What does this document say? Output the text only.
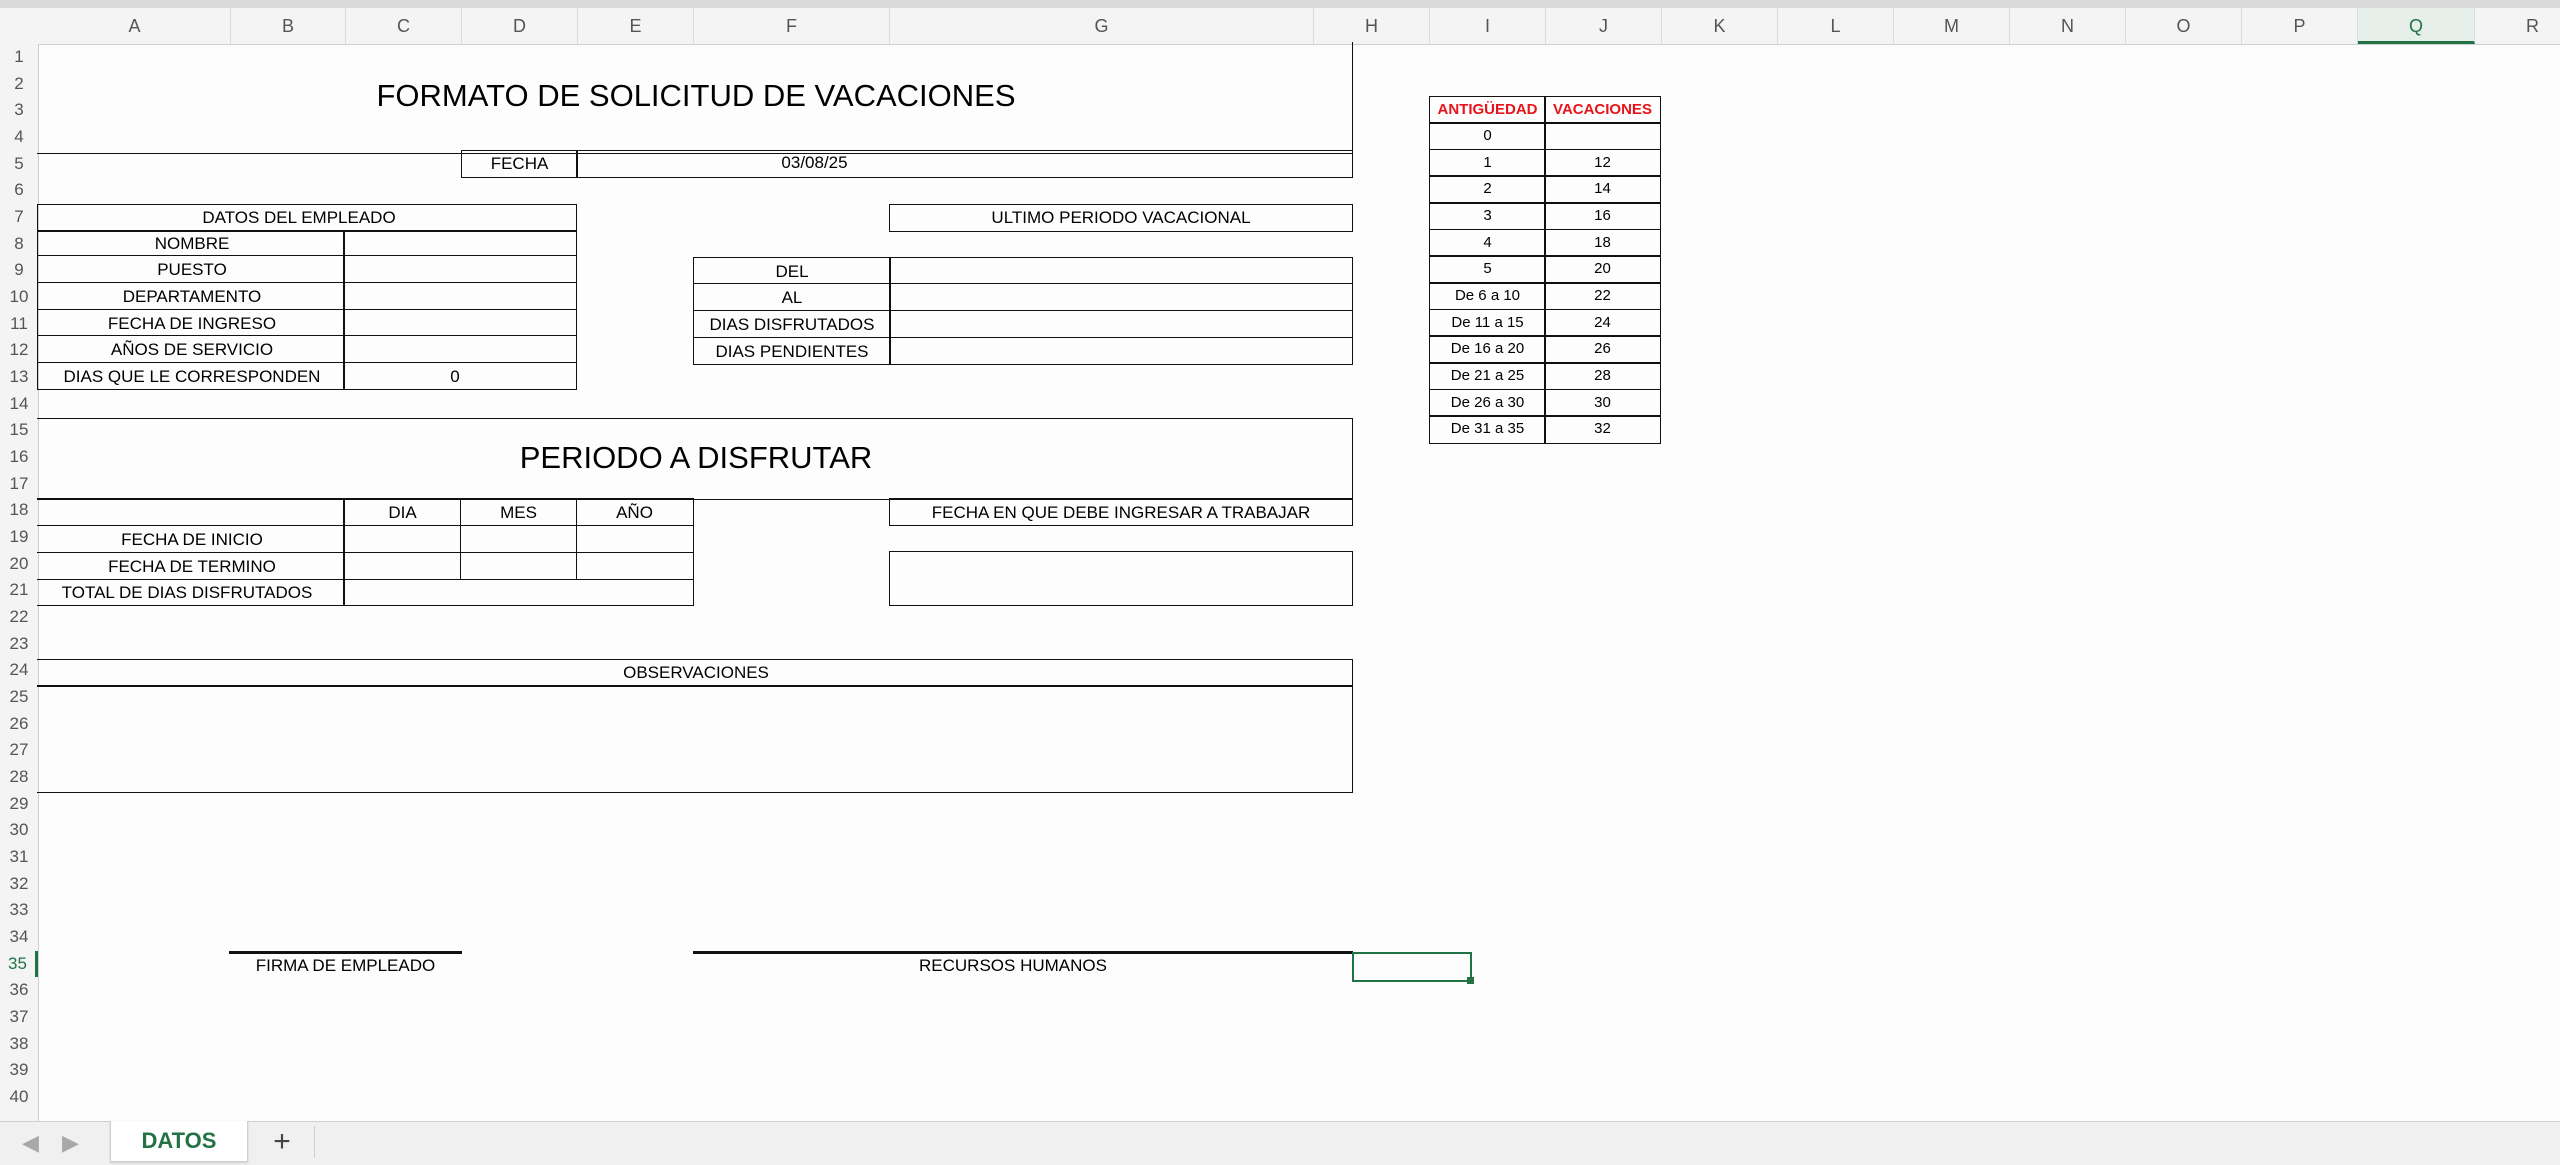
A	B	C	D	E	F	G	H	I	J	K	L	M	N	O	P	Q	R
1
2
3
4
5
6
7
8
9
10
11
12
13
14
15
16
17
18
19
20
21
22
23
24
25
26
27
28
29
30
31
32
33
34
35
36
37
38
39
40
FORMATO DE SOLICITUD DE VACACIONES
FECHA	03/08/25
DATOS DEL EMPLEADO
NOMBRE
PUESTO
DEPARTAMENTO
FECHA DE INGRESO
AÑOS DE SERVICIO
DIAS QUE LE CORRESPONDEN	0
ULTIMO PERIODO VACACIONAL
DEL
AL
DIAS DISFRUTADOS
DIAS PENDIENTES
PERIODO A DISFRUTAR
DIA	MES	AÑO
FECHA DE INICIO
FECHA DE TERMINO
TOTAL DE DIAS DISFRUTADOS
FECHA EN QUE DEBE INGRESAR A TRABAJAR
OBSERVACIONES
FIRMA DE EMPLEADO	RECURSOS HUMANOS
ANTIGÜEDAD	VACACIONES
0
1	12
2	14
3	16
4	18
5	20
De 6 a 10	22
De 11 a 15	24
De 16 a 20	26
De 21 a 25	28
De 26 a 30	30
De 31 a 35	32
◀ ▶	DATOS	+
